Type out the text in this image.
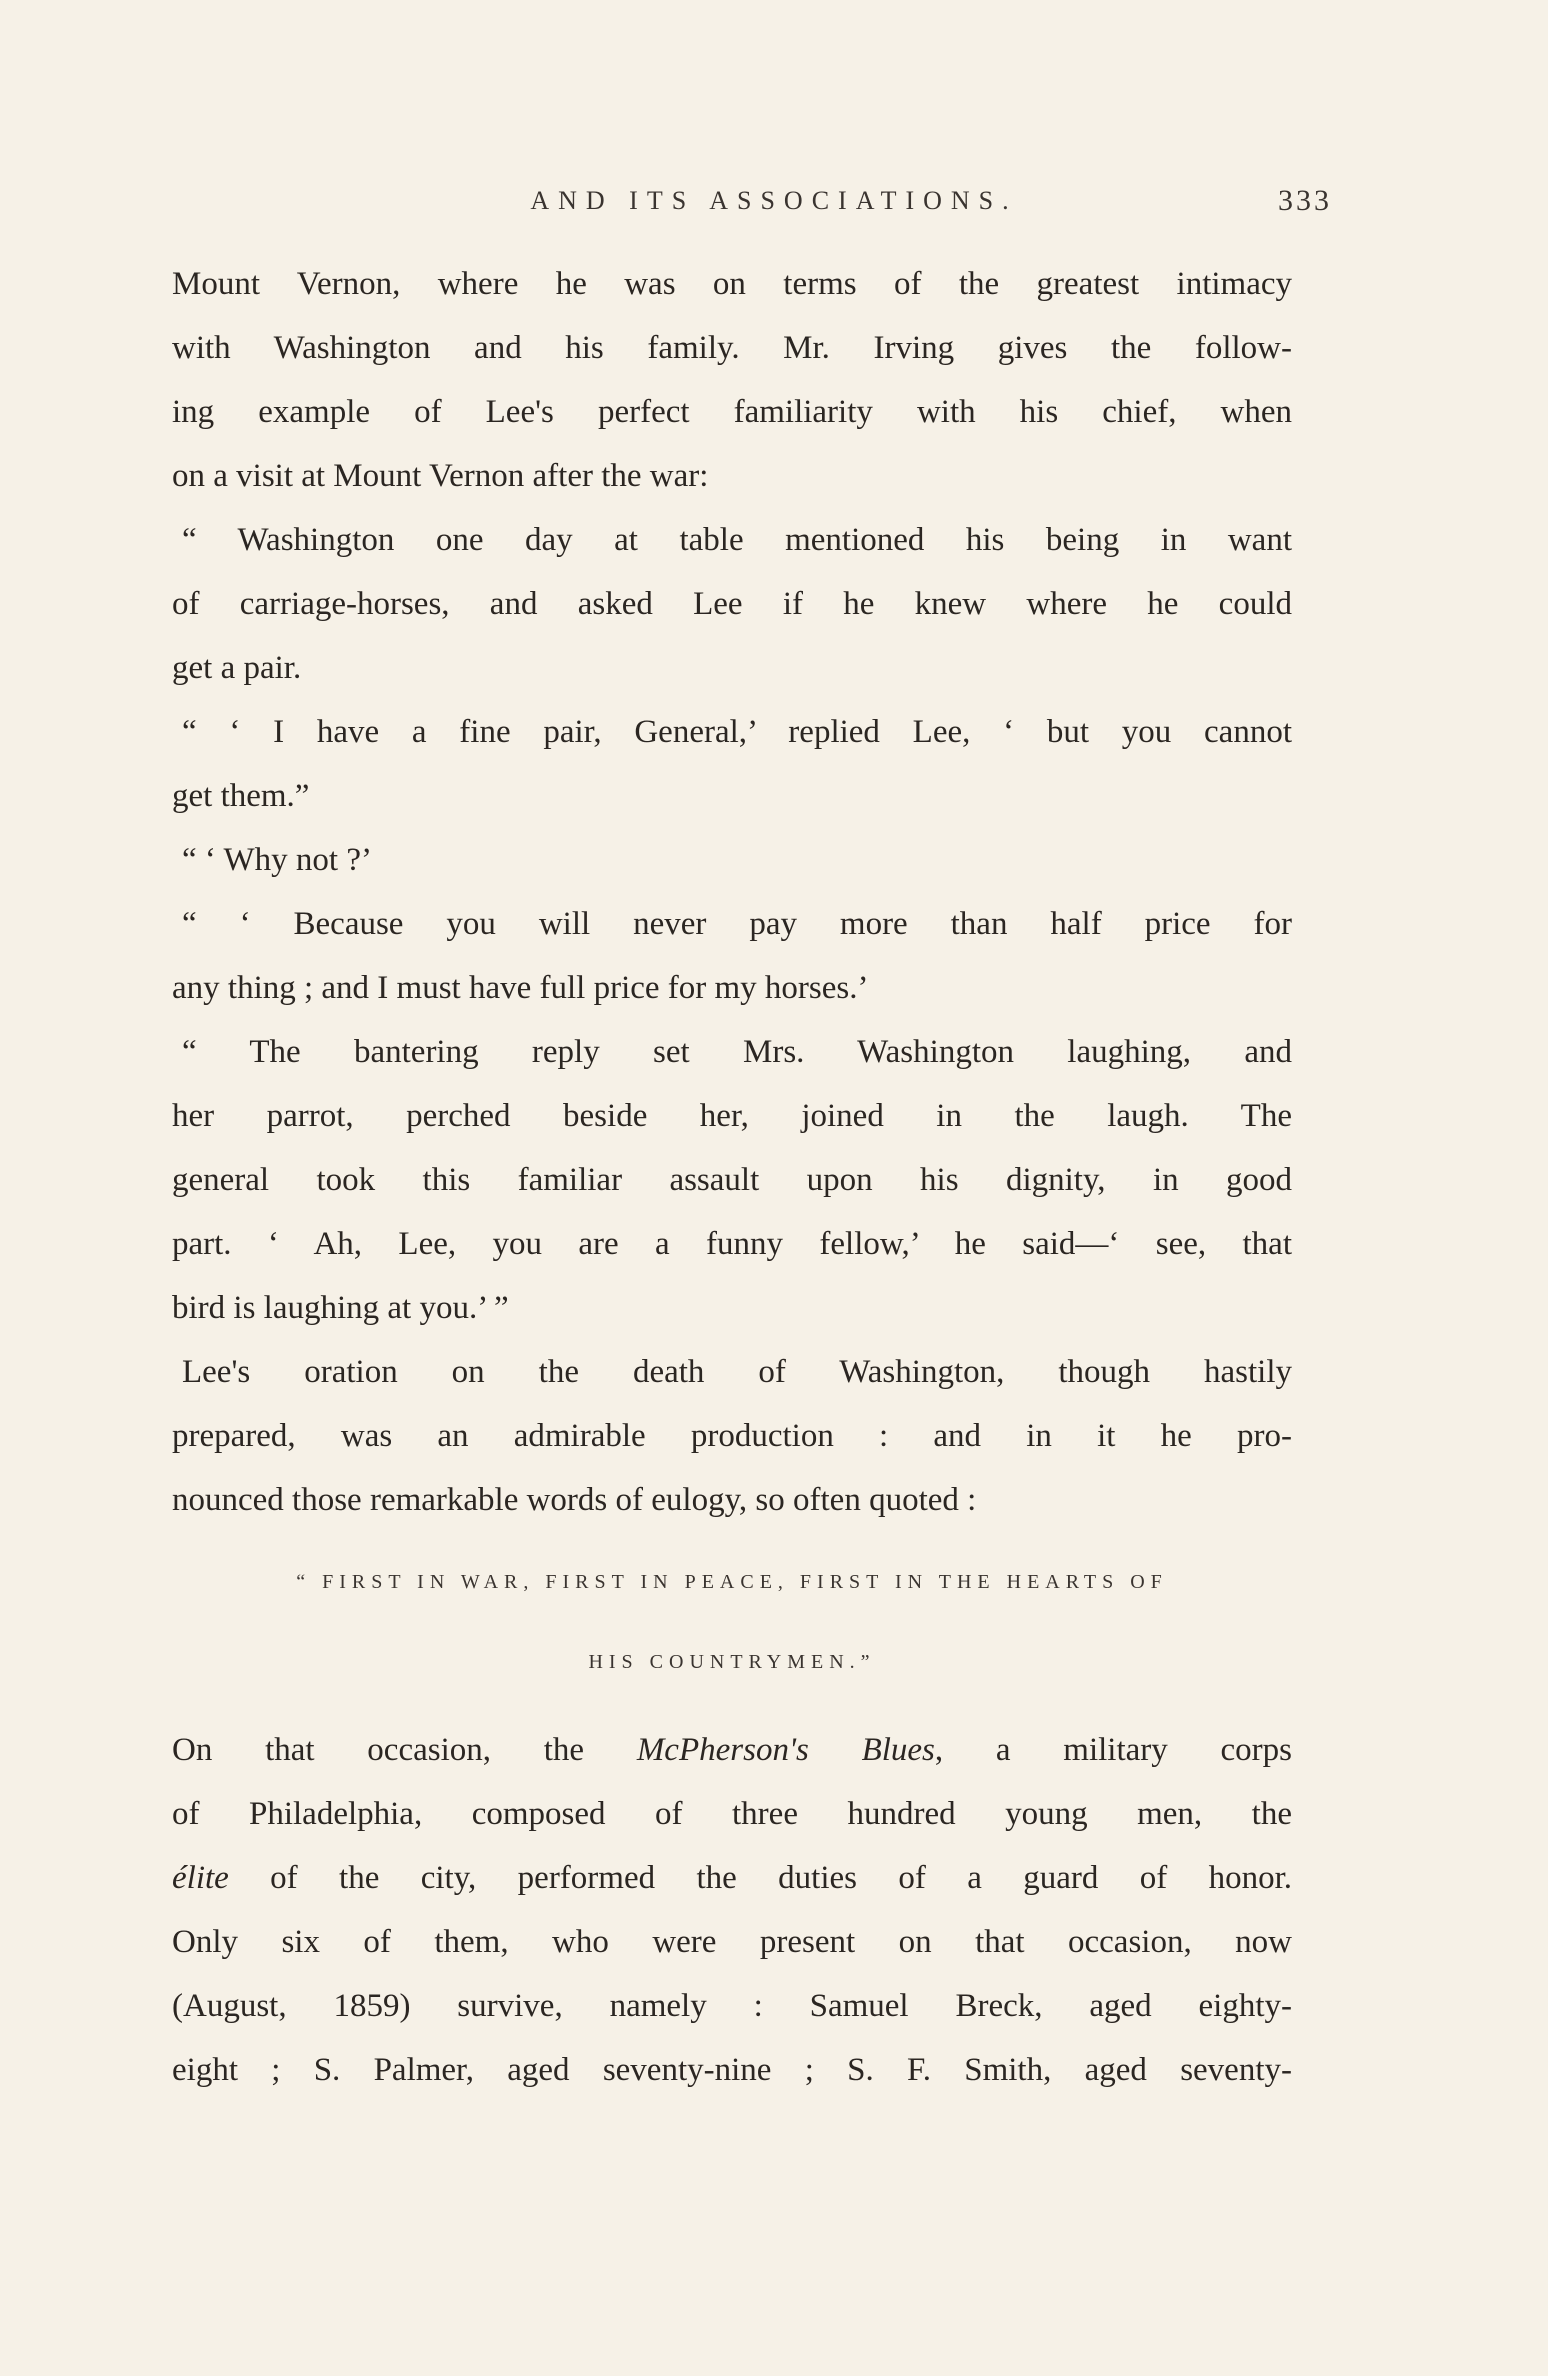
AND ITS ASSOCIATIONS.	333
Mount Vernon, where he was on terms of the greatest intimacy
with Washington and his family. Mr. Irving gives the follow-
ing example of Lee's perfect familiarity with his chief, when
on a visit at Mount Vernon after the war:
“ Washington one day at table mentioned his being in want
of carriage-horses, and asked Lee if he knew where he could
get a pair.
“ ‘ I have a fine pair, General,’ replied Lee, ‘ but you cannot
get them.”
“ ‘ Why not ?’
“ ‘ Because you will never pay more than half price for
any thing ; and I must have full price for my horses.’
“ The bantering reply set Mrs. Washington laughing, and
her parrot, perched beside her, joined in the laugh. The
general took this familiar assault upon his dignity, in good
part. ‘ Ah, Lee, you are a funny fellow,’ he said—‘ see, that
bird is laughing at you.’ ”
Lee's oration on the death of Washington, though hastily
prepared, was an admirable production : and in it he pro-
nounced those remarkable words of eulogy, so often quoted :
“ FIRST IN WAR, FIRST IN PEACE, FIRST IN THE HEARTS OF
HIS COUNTRYMEN.”
On that occasion, the McPherson's Blues, a military corps
of Philadelphia, composed of three hundred young men, the
élite of the city, performed the duties of a guard of honor.
Only six of them, who were present on that occasion, now
(August, 1859) survive, namely : Samuel Breck, aged eighty-
eight ; S. Palmer, aged seventy-nine ; S. F. Smith, aged seventy-
